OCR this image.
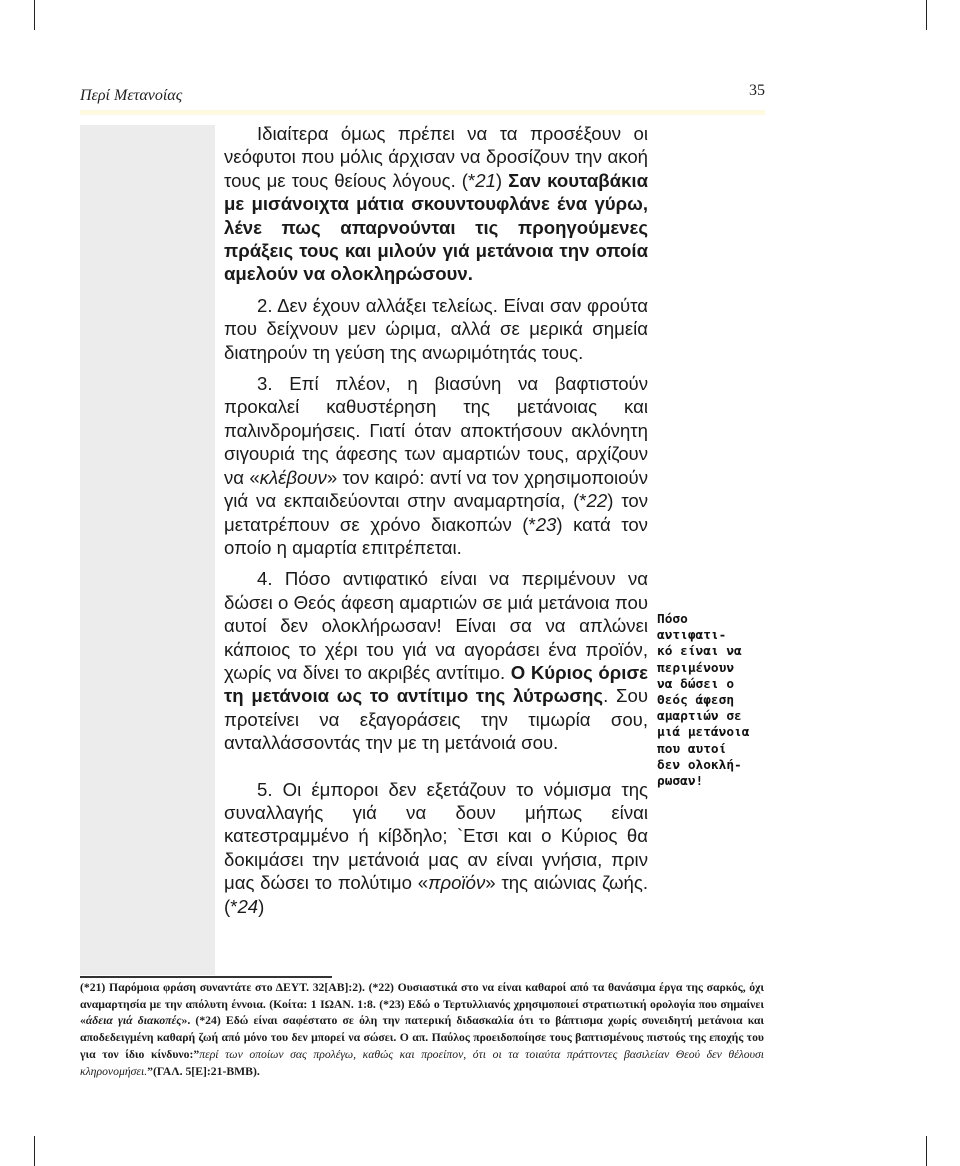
Περί Μετανοίας	35

Ιδιαίτερα όμως πρέπει να τα προσέξουν οι νεόφυτοι που μόλις άρχισαν να δροσίζουν την ακοή τους με τους θείους λόγους. (*21) Σαν κουταβάκια με μισάνοιχτα μάτια σκουντουφλάνε ένα γύρω, λένε πως απαρνούνται τις προηγούμενες πράξεις τους και μιλούν γιά μετάνοια την οποία αμελούν να ολοκληρώσουν.

2. Δεν έχουν αλλάξει τελείως. Είναι σαν φρούτα που δείχνουν μεν ώριμα, αλλά σε μερικά σημεία διατηρούν τη γεύση της ανωριμότητάς τους.

3. Επί πλέον, η βιασύνη να βαφτιστούν προκαλεί καθυστέρηση της μετάνοιας και παλινδρομήσεις. Γιατί όταν αποκτήσουν ακλόνητη σιγουριά της άφεσης των αμαρτιών τους, αρχίζουν να «κλέβουν» τον καιρό: αντί να τον χρησιμοποιούν γιά να εκπαιδεύονται στην αναμαρτησία, (*22) τον μετατρέπουν σε χρόνο διακοπών (*23) κατά τον οποίο η αμαρτία επιτρέπεται.

4. Πόσο αντιφατικό είναι να περιμένουν να δώσει ο Θεός άφεση αμαρτιών σε μιά μετάνοια που αυτοί δεν ολοκλήρωσαν! Είναι σα να απλώνει κάποιος το χέρι του γιά να αγοράσει ένα προϊόν, χωρίς να δίνει το ακριβές αντίτιμο. Ο Κύριος όρισε τη μετάνοια ως το αντίτιμο της λύτρωσης. Σου προτείνει να εξαγοράσεις την τιμωρία σου, ανταλλάσσοντάς την με τη μετάνοιά σου.

5. Οι έμποροι δεν εξετάζουν το νόμισμα της συναλλαγής γιά να δουν μήπως είναι κατεστραμμένο ή κίβδηλο; `Ετσι και ο Κύριος θα δοκιμάσει την μετάνοιά μας αν είναι γνήσια, πριν μας δώσει το πολύτιμο «προϊόν» της αιώνιας ζωής. (*24)

Πόσο
αντιφατι-
κό είναι να
περιμένουν
να δώσει ο
Θεός άφεση
αμαρτιών σε
μιά μετάνοια
που αυτοί
δεν ολοκλή-
ρωσαν!
(*21) Παρόμοια φράση συναντάτε στο ΔΕΥΤ. 32[ΑΒ]:2). (*22) Ουσιαστικά στο να είναι καθαροί από τα θανάσιμα έργα της σαρκός, όχι αναμαρτησία με την απόλυτη έννοια. (Κοίτα: 1 ΙΩΑΝ. 1:8. (*23) Εδώ ο Τερτυλλιανός χρησιμοποιεί στρατιωτική ορολογία που σημαίνει «άδεια γιά διακοπές». (*24) Εδώ είναι σαφέστατο σε όλη την πατερική διδασκαλία ότι το βάπτισμα χωρίς συνειδητή μετάνοια και αποδεδειγμένη καθαρή ζωή από μόνο του δεν μπορεί να σώσει. Ο απ. Παύλος προειδοποίησε τους βαπτισμένους πιστούς της εποχής του για τον ίδιο κίνδυνο:”περί των οποίων σας προλέγω, καθώς και προείπον, ότι οι τα τοιαύτα πράττοντες βασιλείαν Θεού δεν θέλουσι κληρονομήσει.”(ΓΑΛ. 5[Ε]:21-ΒΜΒ).
